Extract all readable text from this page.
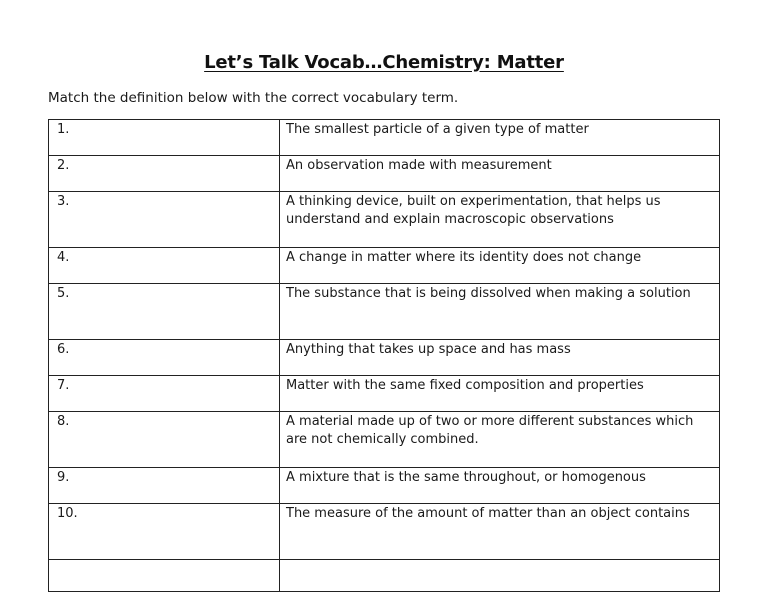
Let’s Talk Vocab…Chemistry: Matter
Match the definition below with the correct vocabulary term.
1.	The smallest particle of a given type of matter
2.	An observation made with measurement
3.	A thinking device, built on experimentation, that helps us understand and explain macroscopic observations
4.	A change in matter where its identity does not change
5.	The substance that is being dissolved when making a solution
6.	Anything that takes up space and has mass
7.	Matter with the same fixed composition and properties
8.	A material made up of two or more different substances which are not chemically combined.
9.	A mixture that is the same throughout, or homogenous
10.	The measure of the amount of matter than an object contains
